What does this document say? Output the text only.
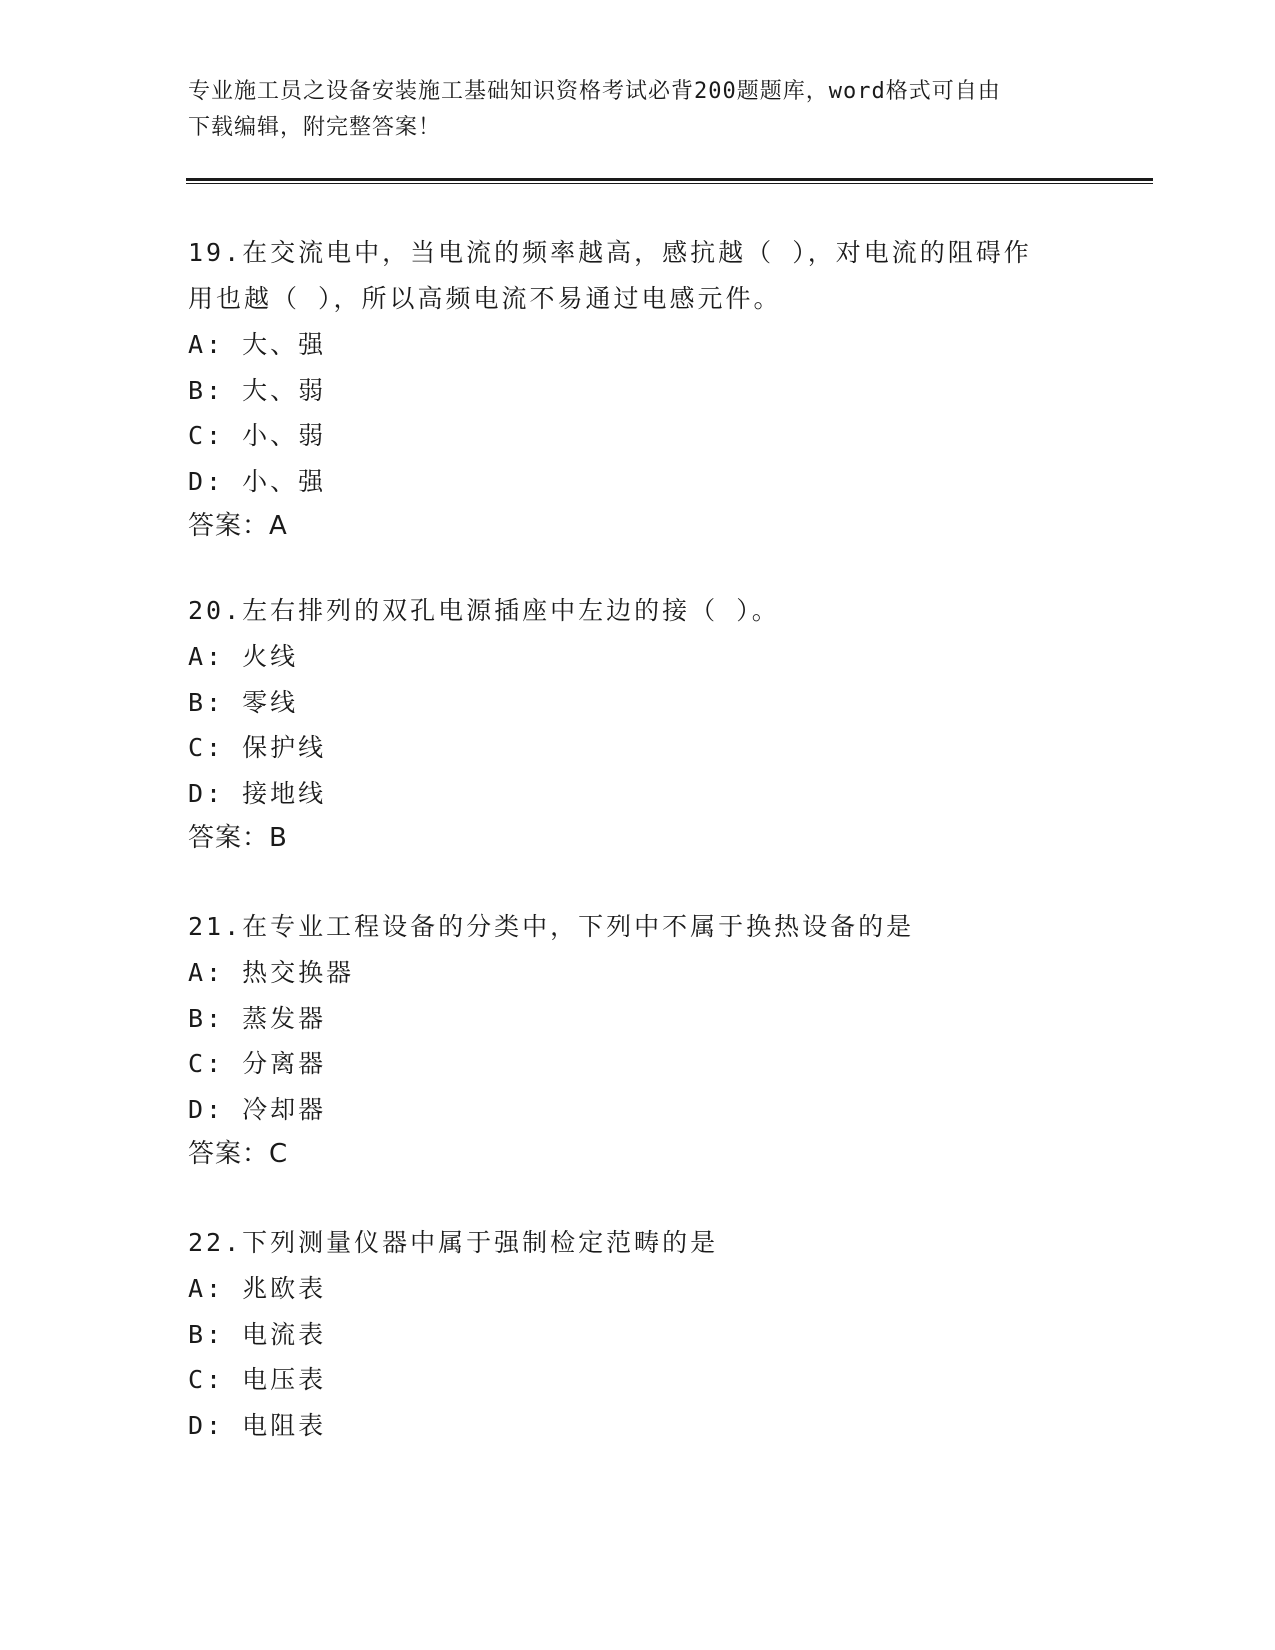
专业施工员之设备安装施工基础知识资格考试必背200题题库，word格式可自由
下载编辑，附完整答案！

19.在交流电中，当电流的频率越高，感抗越（ ），对电流的阻碍作

用也越（ ），所以高频电流不易通过电感元件。

A: 大、强

B: 大、弱

C: 小、弱

D: 小、强

答案：A

20.左右排列的双孔电源插座中左边的接（ ）。

A: 火线

B: 零线

C: 保护线

D: 接地线

答案：B

21.在专业工程设备的分类中，下列中不属于换热设备的是

A: 热交换器

B: 蒸发器

C: 分离器

D: 冷却器

答案：C

22.下列测量仪器中属于强制检定范畴的是

A: 兆欧表

B: 电流表

C: 电压表

D: 电阻表
